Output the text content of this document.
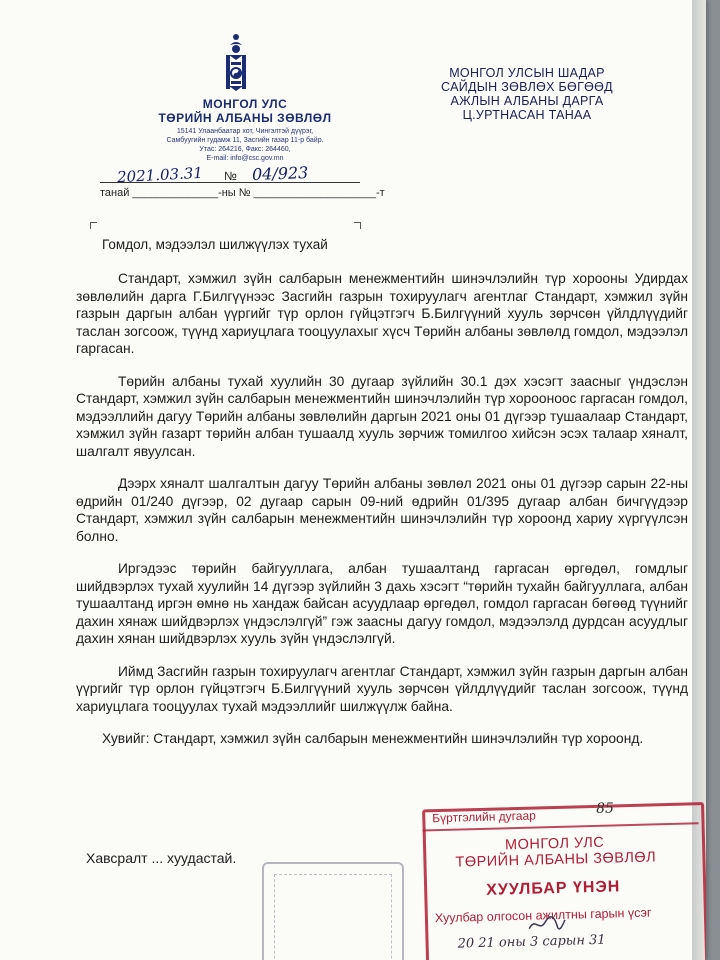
МОНГОЛ УЛС
ТӨРИЙН АЛБАНЫ ЗӨВЛӨЛ
15141 Улаанбаатар хот, Чингэлтэй дүүрэг,
Самбуугийн гудамж 11, Засгийн газар 11-р байр.
Утас: 264216, Факс: 264460,
E-mail: info@csc.gov.mn
МОНГОЛ УЛСЫН ШАДАР
САЙДЫН ЗӨВЛӨХ БӨГӨӨД
АЖЛЫН АЛБАНЫ ДАРГА
Ц.УРТНАСАН ТАНАА
2021.03.31 № 04/923
танай ______________-ны № ____________________-т
Гомдол, мэдээлэл шилжүүлэх тухай

Стандарт, хэмжил зүйн салбарын менежментийн шинэчлэлийн түр хорооны Удирдах зөвлөлийн дарга Г.Билгүүнээс Засгийн газрын тохируулагч агентлаг Стандарт, хэмжил зүйн газрын даргын албан үүргийг түр орлон гүйцэтгэгч Б.Билгүүний хууль зөрчсөн үйлдлүүдийг таслан зогсоож, түүнд хариуцлага тооцуулахыг хүсч Төрийн албаны зөвлөлд гомдол, мэдээлэл гаргасан.

Төрийн албаны тухай хуулийн 30 дугаар зүйлийн 30.1 дэх хэсэгт заасныг үндэслэн Стандарт, хэмжил зүйн салбарын менежментийн шинэчлэлийн түр хорооноос гаргасан гомдол, мэдээллийн дагуу Төрийн албаны зөвлөлийн даргын 2021 оны 01 дүгээр тушаалаар Стандарт, хэмжил зүйн газарт төрийн албан тушаалд хууль зөрчиж томилгоо хийсэн эсэх талаар хяналт, шалгалт явуулсан.

Дээрх хяналт шалгалтын дагуу Төрийн албаны зөвлөл 2021 оны 01 дүгээр сарын 22-ны өдрийн 01/240 дүгээр, 02 дугаар сарын 09-ний өдрийн 01/395 дугаар албан бичгүүдээр Стандарт, хэмжил зүйн салбарын менежментийн шинэчлэлийн түр хороонд хариу хүргүүлсэн болно.

Иргэдээс төрийн байгууллага, албан тушаалтанд гаргасан өргөдөл, гомдлыг шийдвэрлэх тухай хуулийн 14 дүгээр зүйлийн 3 дахь хэсэгт “төрийн тухайн байгууллага, албан тушаалтанд иргэн өмнө нь хандаж байсан асуудлаар өргөдөл, гомдол гаргасан бөгөөд түүнийг дахин хянаж шийдвэрлэх үндэслэлгүй” гэж заасны дагуу гомдол, мэдээлэлд дурдсан асуудлыг дахин хянан шийдвэрлэх хууль зүйн үндэслэлгүй.

Иймд Засгийн газрын тохируулагч агентлаг Стандарт, хэмжил зүйн газрын даргын албан үүргийг түр орлон гүйцэтгэгч Б.Билгүүний хууль зөрчсөн үйлдлүүдийг таслан зогсоож, түүнд хариуцлага тооцуулах тухай мэдээллийг шилжүүлж байна.

Хувийг: Стандарт, хэмжил зүйн салбарын менежментийн шинэчлэлийн түр хороонд.

Хавсралт ... хуудастай.
Бүртгэлийн дугаар	85
МОНГОЛ УЛС
ТӨРИЙН АЛБАНЫ ЗӨВЛӨЛ
ХУУЛБАР ҮНЭН
Хуулбар олгосон ажилтны гарын үсэг
20 21 оны 3 сарын 31
